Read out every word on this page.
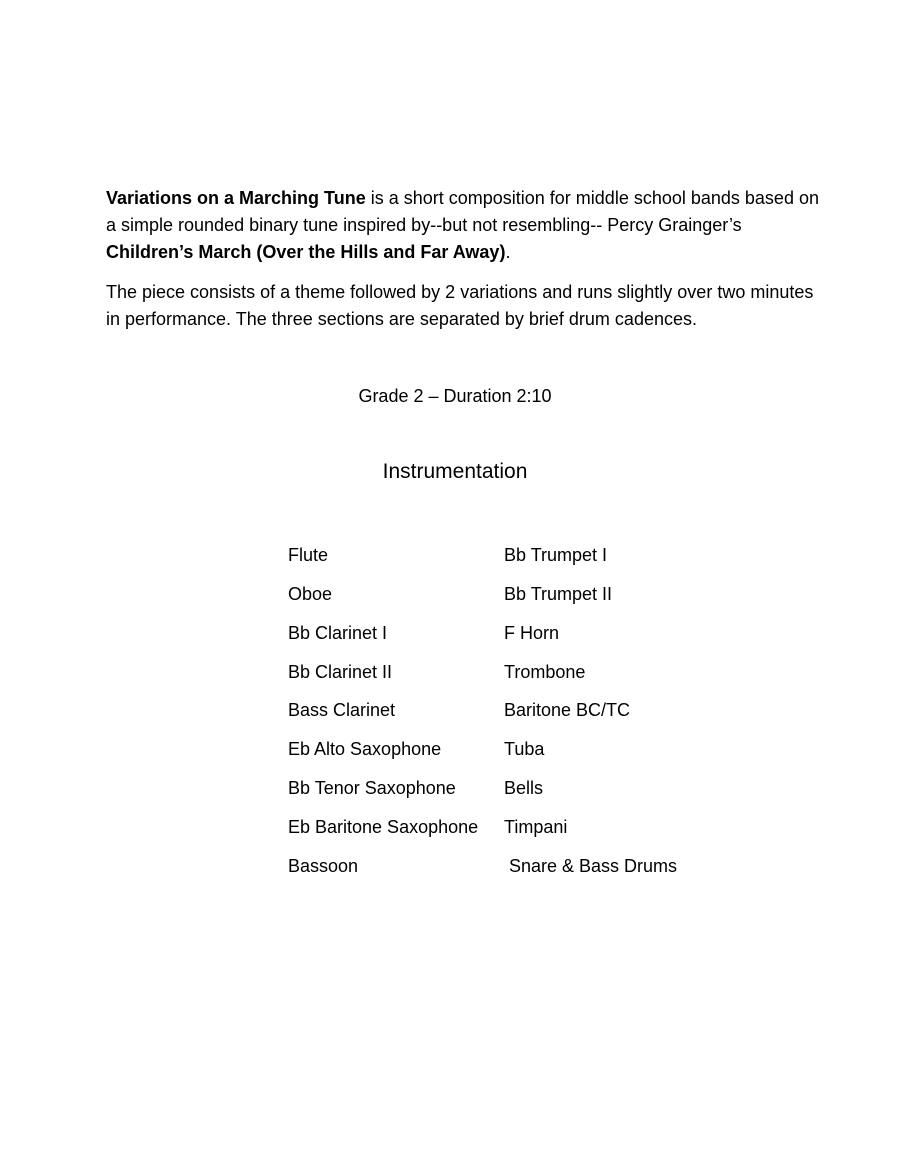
Variations on a Marching Tune is a short composition for middle school bands based on a simple rounded binary tune inspired by--but not resembling-- Percy Grainger’s Children’s March (Over the Hills and Far Away).

The piece consists of a theme followed by 2 variations and runs slightly over two minutes in performance. The three sections are separated by brief drum cadences.

Grade 2 – Duration 2:10

Instrumentation

Flute
Oboe
Bb Clarinet I
Bb Clarinet II
Bass Clarinet
Eb Alto Saxophone
Bb Tenor Saxophone
Eb Baritone Saxophone
Bassoon
Bb Trumpet I
Bb Trumpet II
F Horn
Trombone
Baritone BC/TC
Tuba
Bells
Timpani
Snare & Bass Drums
